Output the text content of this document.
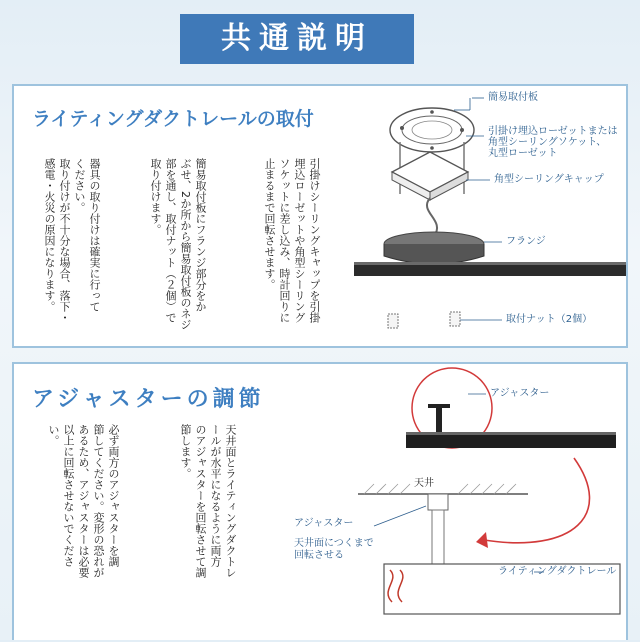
共通説明
ライティングダクトレールの取付
引掛けシーリングキャップを引掛
埋込ローゼットや角型シーリング
ソケットに差し込み、時計回りに
止まるまで回転させます。
簡易取付板にフランジ部分をか
ぶせ、2か所から簡易取付板のネジ
部を通し、取付ナット（２個）で
取り付けます。
器具の取り付けは確実に行って
ください。
取り付けが不十分な場合、落下・
感電・火災の原因になります。
簡易取付板
引掛け埋込ローゼットまたは
角型シーリングソケット、
丸型ローゼット
角型シーリングキャップ
フランジ
取付ナット（2個）
アジャスターの調節
天井面とライティングダクトレ
ールが水平になるように両方
のアジャスターを回転させて調
節します。
必ず両方のアジャスターを調
節してください。変形の恐れが
あるため、アジャスターは必要
以上に回転させないでくださ
い。
アジャスター
天井
アジャスター
天井面につくまで
回転させる
ライティングダクトレール
